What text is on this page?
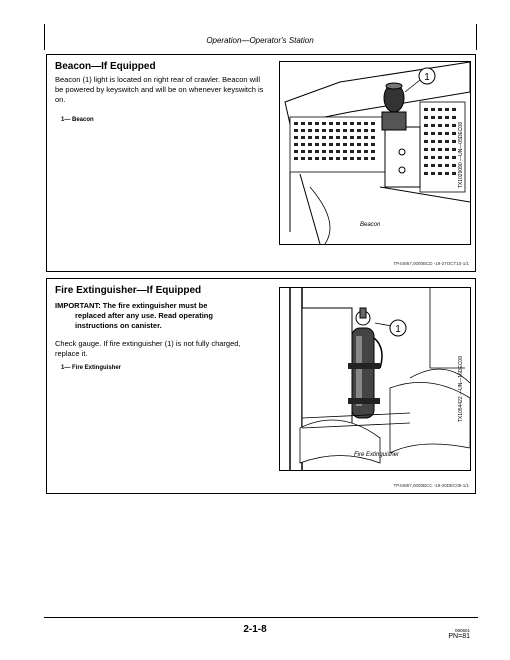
Operation—Operator's Station
Beacon—If Equipped
Beacon (1) light is located on right rear of crawler. Beacon will be powered by keyswitch and will be on whenever keyswitch is on.
1— Beacon
1
Beacon
TX1029090 —UN—05DEC08
TP44857,0000BCD -19-27OCT10-1/1
Fire Extinguisher—If Equipped
IMPORTANT: The fire extinguisher must be
replaced after any use. Read operating
instructions on canister.
Check gauge. If fire extinguisher (1) is not fully charged, replace it.
1— Fire Extinguisher
1
Fire Extinguisher
TX1054422 —UN—16DEC09
TP44857,0000BCC -19-20DEC09-1/1
2-1-8	060601
PN=81
